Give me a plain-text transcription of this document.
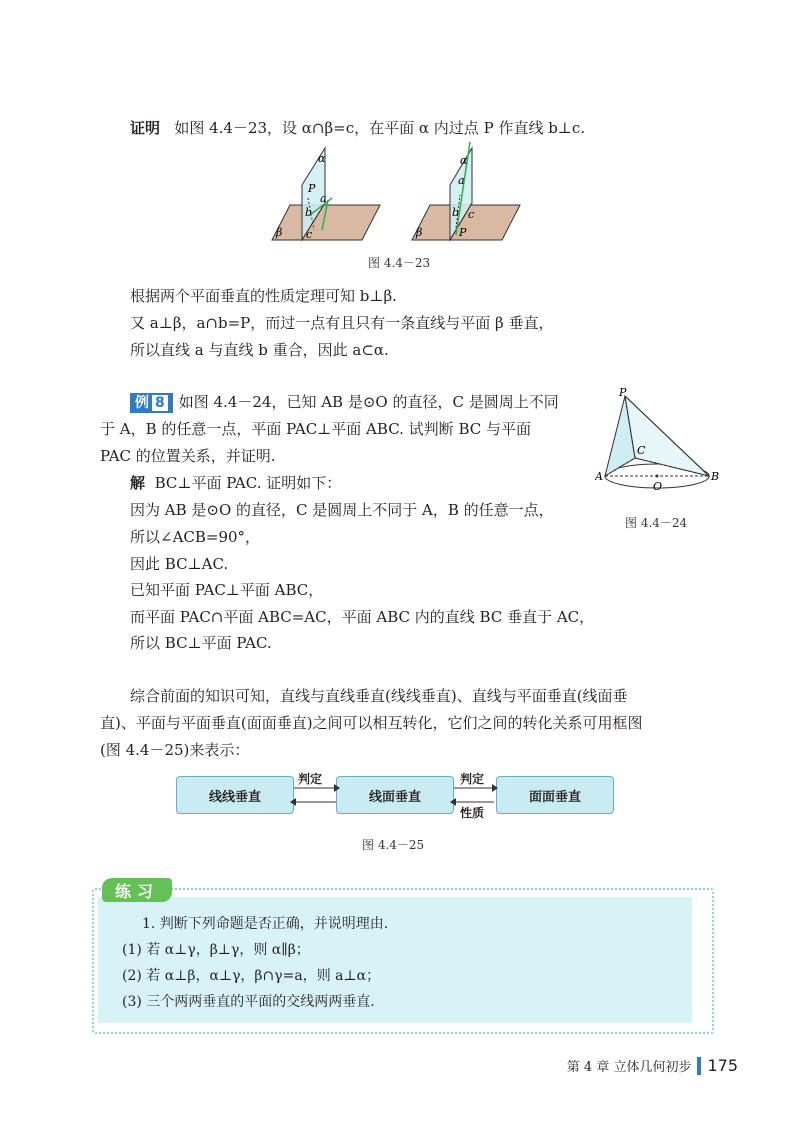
证明 如图 4.4－23，设 α∩β=c，在平面 α 内过点 P 作直线 b⊥c.
α
P
a
b
c
β
α
a
b c
P
β
图 4.4－23
根据两个平面垂直的性质定理可知 b⊥β.
又 a⊥β，a∩b=P，而过一点有且只有一条直线与平面 β 垂直，
所以直线 a 与直线 b 重合，因此 a⊂α.
例 8 如图 4.4－24，已知 AB 是⊙O 的直径，C 是圆周上不同
于 A，B 的任意一点，平面 PAC⊥平面 ABC. 试判断 BC 与平面
PAC 的位置关系，并证明.
解 BC⊥平面 PAC. 证明如下：
因为 AB 是⊙O 的直径，C 是圆周上不同于 A，B 的任意一点，
所以∠ACB=90°，
因此 BC⊥AC.
已知平面 PAC⊥平面 ABC，
而平面 PAC∩平面 ABC=AC，平面 ABC 内的直线 BC 垂直于 AC，
所以 BC⊥平面 PAC.
P
C
A
O
B
图 4.4－24
综合前面的知识可知，直线与直线垂直(线线垂直)、直线与平面垂直(线面垂
直)、平面与平面垂直(面面垂直)之间可以相互转化，它们之间的转化关系可用框图
(图 4.4－25)来表示：
线线垂直	线面垂直	面面垂直
判定	判定
性质
图 4.4－25
练习
1. 判断下列命题是否正确，并说明理由.
(1) 若 α⊥γ，β⊥γ，则 α∥β；
(2) 若 α⊥β，α⊥γ，β∩γ=a，则 a⊥α；
(3) 三个两两垂直的平面的交线两两垂直.
第 4 章 立体几何初步 175
